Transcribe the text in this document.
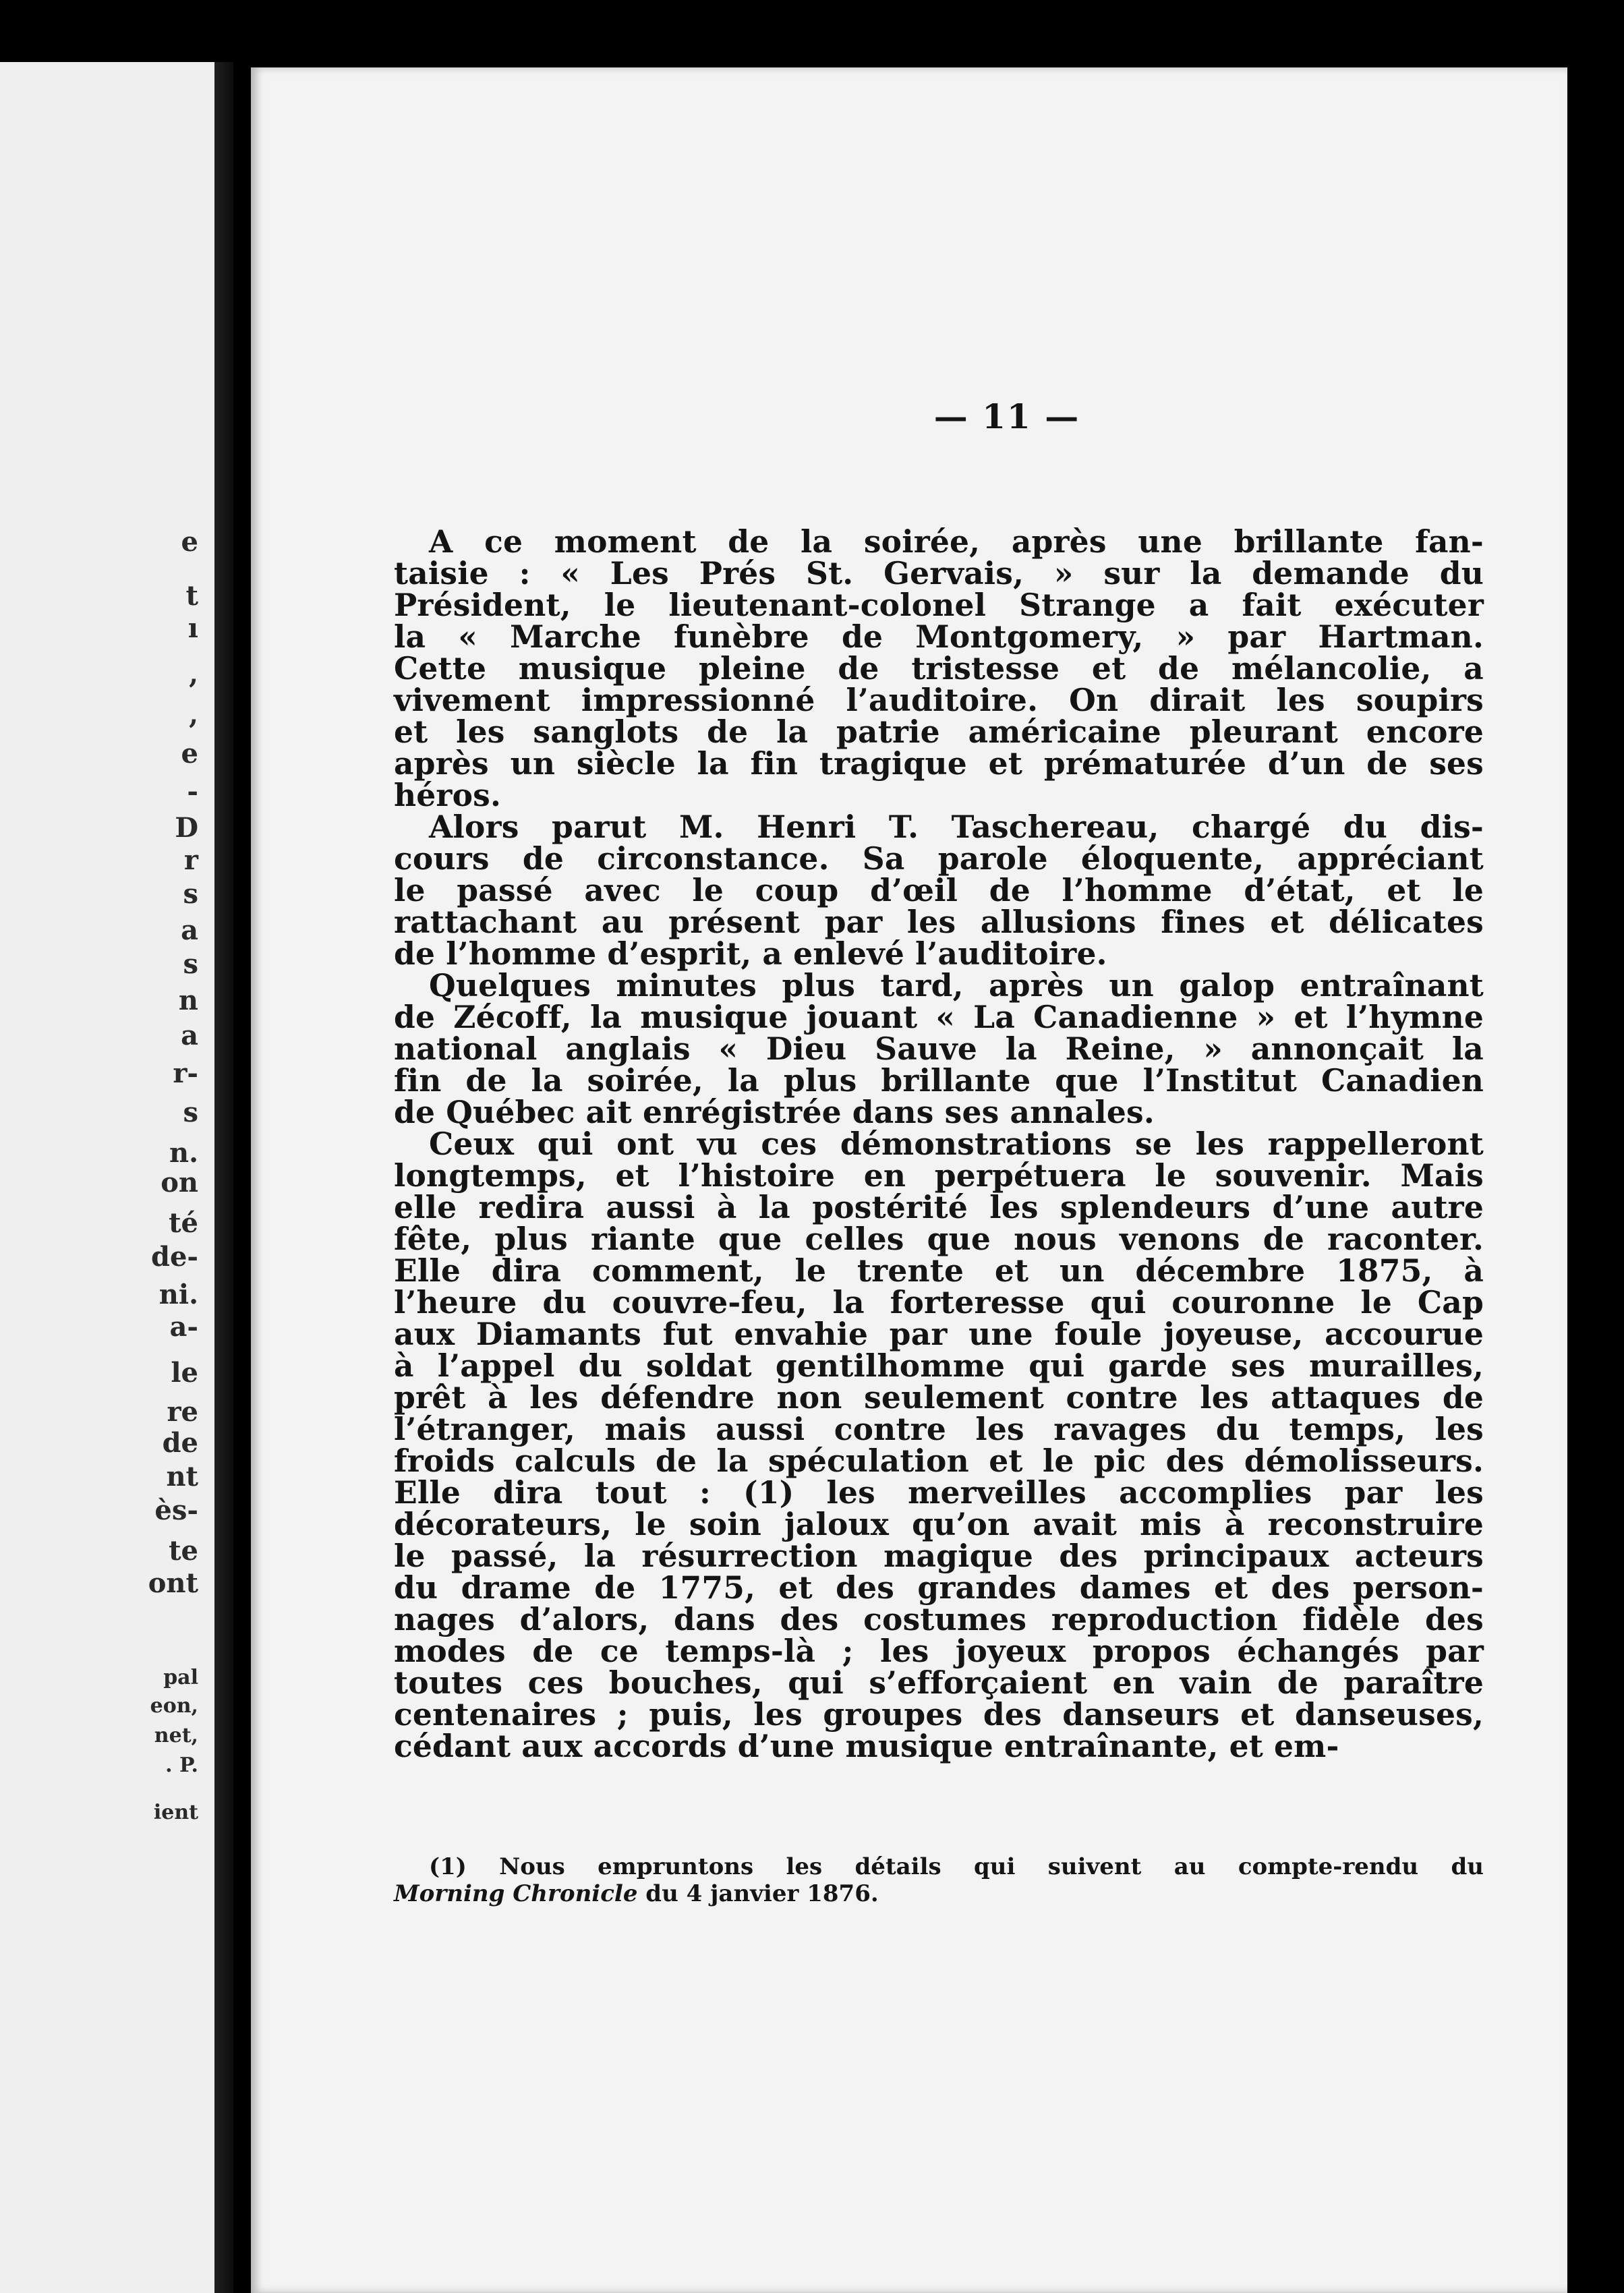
e
t
ı
,
,
e
-
D
r
s
a
s
n
a
r-
s
n.
on
té
de-
ni.
a-
le
re
de
nt
ès-
te
ont
pal
eon,
net,
. P.
ient
— 11 —
A ce moment de la soirée, après une brillante fan-
taisie : « Les Prés St. Gervais, » sur la demande du
Président, le lieutenant-colonel Strange a fait exécuter
la « Marche funèbre de Montgomery, » par Hartman.
Cette musique pleine de tristesse et de mélancolie, a
vivement impressionné l’auditoire. On dirait les soupirs
et les sanglots de la patrie américaine pleurant encore
après un siècle la fin tragique et prématurée d’un de ses
héros.
Alors parut M. Henri T. Taschereau, chargé du dis-
cours de circonstance. Sa parole éloquente, appréciant
le passé avec le coup d’œil de l’homme d’état, et le
rattachant au présent par les allusions fines et délicates
de l’homme d’esprit, a enlevé l’auditoire.
Quelques minutes plus tard, après un galop entraînant
de Zécoff, la musique jouant « La Canadienne » et l’hymne
national anglais « Dieu Sauve la Reine, » annonçait la
fin de la soirée, la plus brillante que l’Institut Canadien
de Québec ait enrégistrée dans ses annales.
Ceux qui ont vu ces démonstrations se les rappelleront
longtemps, et l’histoire en perpétuera le souvenir. Mais
elle redira aussi à la postérité les splendeurs d’une autre
fête, plus riante que celles que nous venons de raconter.
Elle dira comment, le trente et un décembre 1875, à
l’heure du couvre-feu, la forteresse qui couronne le Cap
aux Diamants fut envahie par une foule joyeuse, accourue
à l’appel du soldat gentilhomme qui garde ses murailles,
prêt à les défendre non seulement contre les attaques de
l’étranger, mais aussi contre les ravages du temps, les
froids calculs de la spéculation et le pic des démolisseurs.
Elle dira tout : (1) les merveilles accomplies par les
décorateurs, le soin jaloux qu’on avait mis à reconstruire
le passé, la résurrection magique des principaux acteurs
du drame de 1775, et des grandes dames et des person-
nages d’alors, dans des costumes reproduction fidèle des
modes de ce temps-là ; les joyeux propos échangés par
toutes ces bouches, qui s’efforçaient en vain de paraître
centenaires ; puis, les groupes des danseurs et danseuses,
cédant aux accords d’une musique entraînante, et em-
(1) Nous empruntons les détails qui suivent au compte-rendu du
Morning Chronicle du 4 janvier 1876.
